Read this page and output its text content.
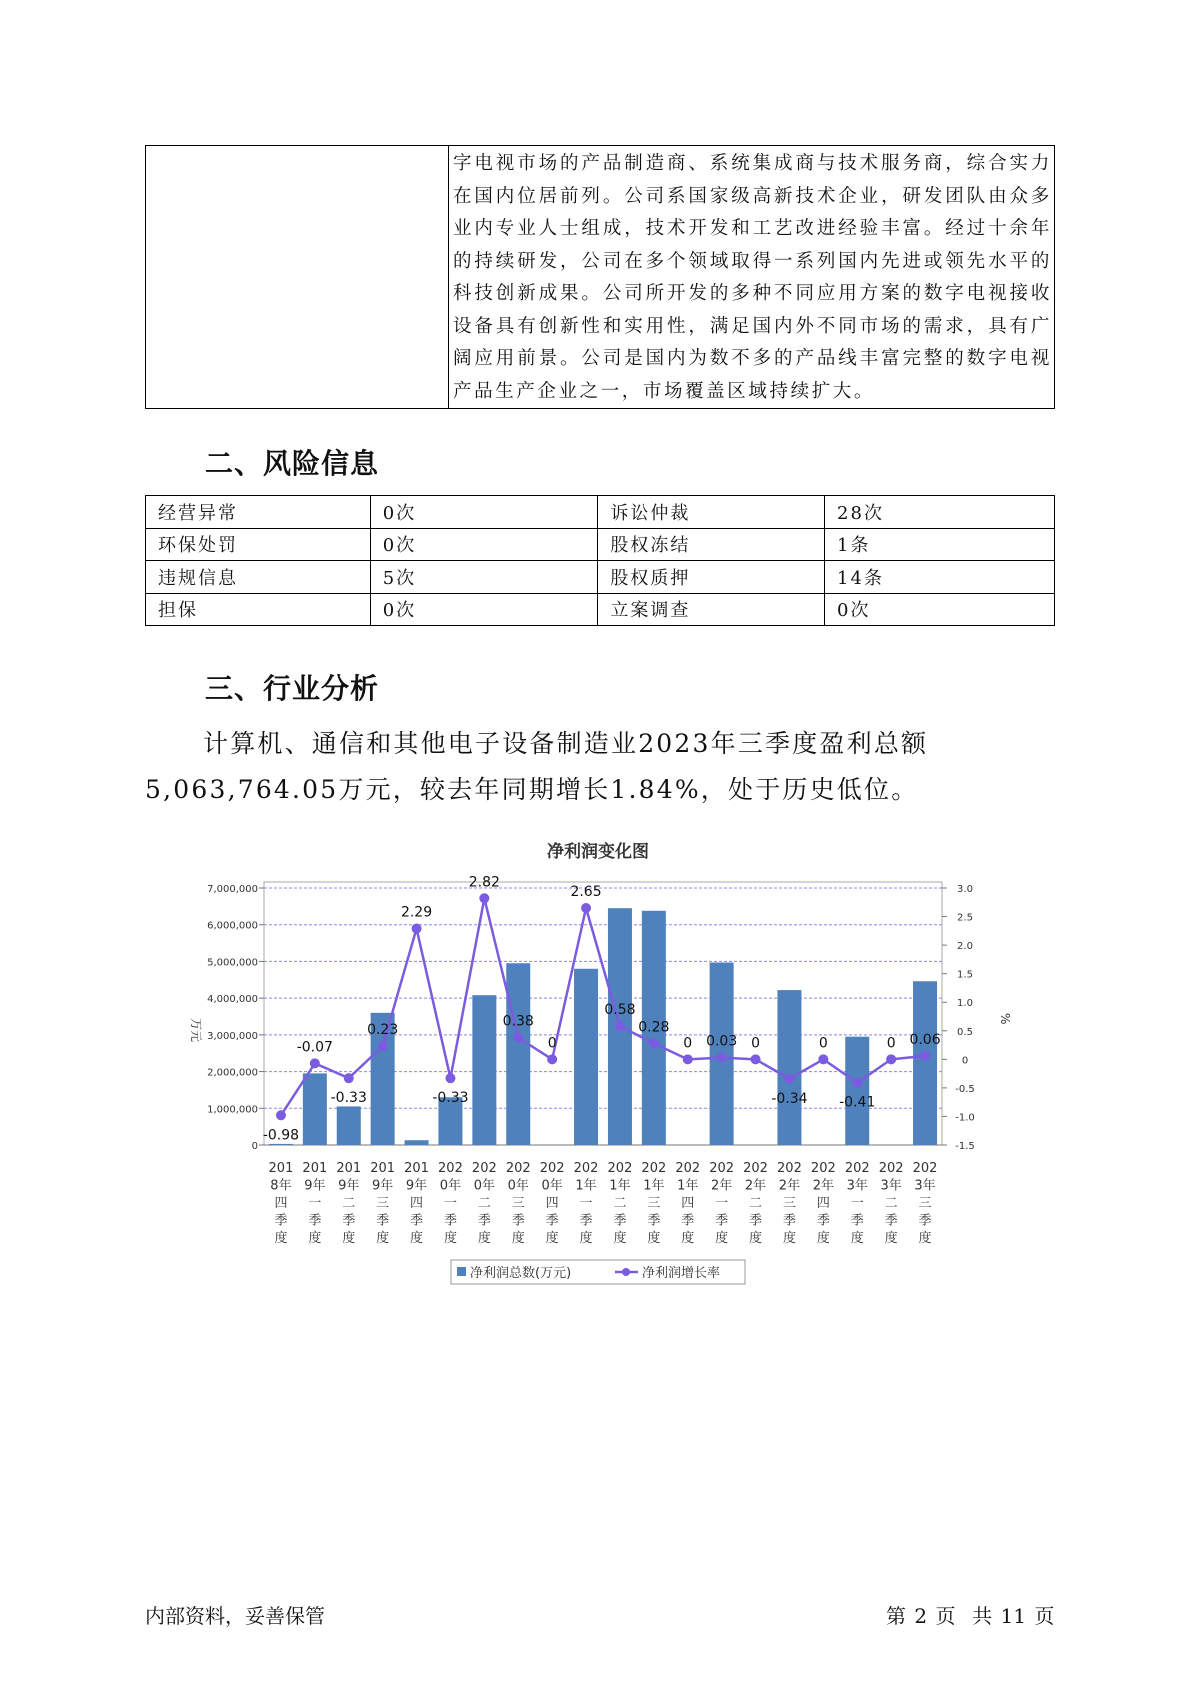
字电视市场的产品制造商、系统集成商与技术服务商，综合实力在国内位居前列。公司系国家级高新技术企业，研发团队由众多业内专业人士组成，技术开发和工艺改进经验丰富。经过十余年的持续研发，公司在多个领域取得一系列国内先进或领先水平的科技创新成果。公司所开发的多种不同应用方案的数字电视接收设备具有创新性和实用性，满足国内外不同市场的需求，具有广阔应用前景。公司是国内为数不多的产品线丰富完整的数字电视产品生产企业之一，市场覆盖区域持续扩大。
二、风险信息
经营异常	0次	诉讼仲裁	28次
环保处罚	0次	股权冻结	1条
违规信息	5次	股权质押	14条
担保	0次	立案调查	0次
三、行业分析
计算机、通信和其他电子设备制造业2023年三季度盈利总额
5,063,764.05万元，较去年同期增长1.84%，处于历史低位。
净利润变化图
0
1,000,000
2,000,000
3,000,000
4,000,000
5,000,000
6,000,000
7,000,000
-1.5
-1.0
-0.5
0
0.5
1.0
1.5
2.0
2.5
3.0
万元	%
-0.98
-0.07
-0.33
0.23
2.29
-0.33
2.82
0.38
0
2.65
0.58
0.28
0 0.03 0
-0.34
0
-0.41
0 0.06
201
8年
四
季
度
201
9年
一
季
度
201
9年
二
季
度
201
9年
三
季
度
201
9年
四
季
度
202
0年
一
季
度
202
0年
二
季
度
202
0年
三
季
度
202
0年
四
季
度
202
1年
一
季
度
202
1年
二
季
度
202
1年
三
季
度
202
1年
四
季
度
202
2年
一
季
度
202
2年
二
季
度
202
2年
三
季
度
202
2年
四
季
度
202
3年
一
季
度
202
3年
二
季
度
202
3年
三
季
度
净利润总数(万元)	净利润增长率
内部资料，妥善保管	第 2 页  共 11 页
